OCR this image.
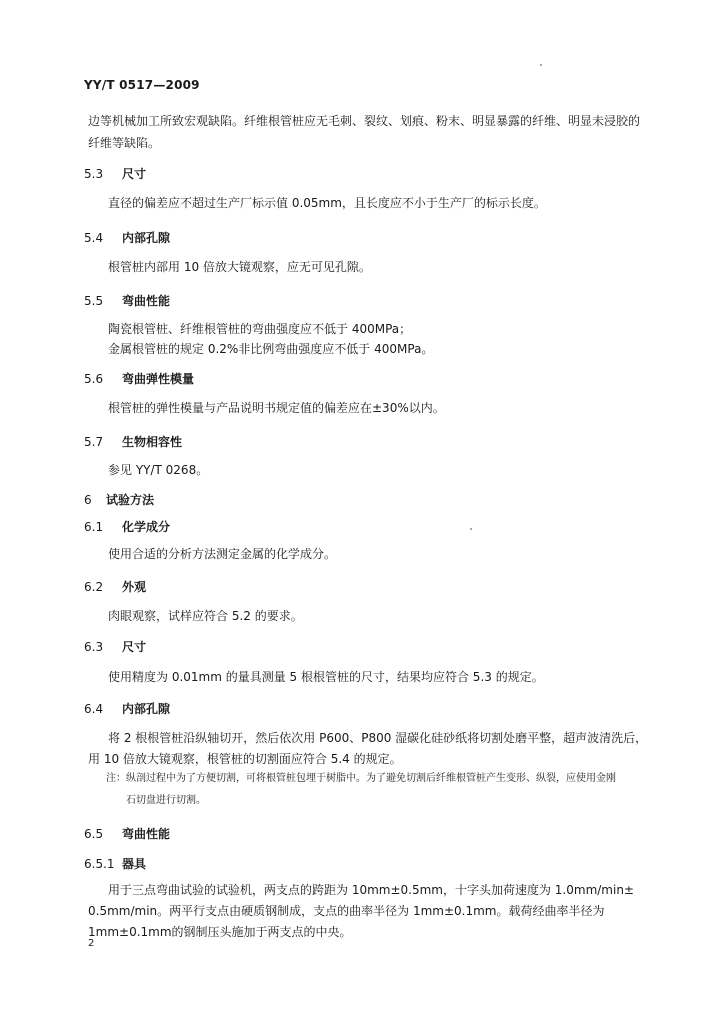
YY/T 0517—2009
边等机械加工所致宏观缺陷。纤维根管桩应无毛刺、裂纹、划痕、粉末、明显暴露的纤维、明显未浸胶的
纤维等缺陷。
5.3 尺寸
直径的偏差应不超过生产厂标示值 0.05mm，且长度应不小于生产厂的标示长度。
5.4 内部孔隙
根管桩内部用 10 倍放大镜观察，应无可见孔隙。
5.5 弯曲性能
陶瓷根管桩、纤维根管桩的弯曲强度应不低于 400MPa；
金属根管桩的规定 0.2%非比例弯曲强度应不低于 400MPa。
5.6 弯曲弹性模量
根管桩的弹性模量与产品说明书规定值的偏差应在±30%以内。
5.7 生物相容性
参见 YY/T 0268。
6 试验方法
6.1 化学成分
使用合适的分析方法测定金属的化学成分。
6.2 外观
肉眼观察，试样应符合 5.2 的要求。
6.3 尺寸
使用精度为 0.01mm 的量具测量 5 根根管桩的尺寸，结果均应符合 5.3 的规定。
6.4 内部孔隙
将 2 根根管桩沿纵轴切开，然后依次用 P600、P800 湿碳化硅砂纸将切割处磨平整，超声波清洗后，
用 10 倍放大镜观察，根管桩的切割面应符合 5.4 的规定。
注：纵剖过程中为了方便切割，可将根管桩包埋于树脂中。为了避免切割后纤维根管桩产生变形、纵裂，应使用金刚
石切盘进行切割。
6.5 弯曲性能
6.5.1 器具
用于三点弯曲试验的试验机，两支点的跨距为 10mm±0.5mm，十字头加荷速度为 1.0mm/min±
0.5mm/min。两平行支点由硬质钢制成，支点的曲率半径为 1mm±0.1mm。载荷经曲率半径为
1mm±0.1mm的钢制压头施加于两支点的中央。
2
